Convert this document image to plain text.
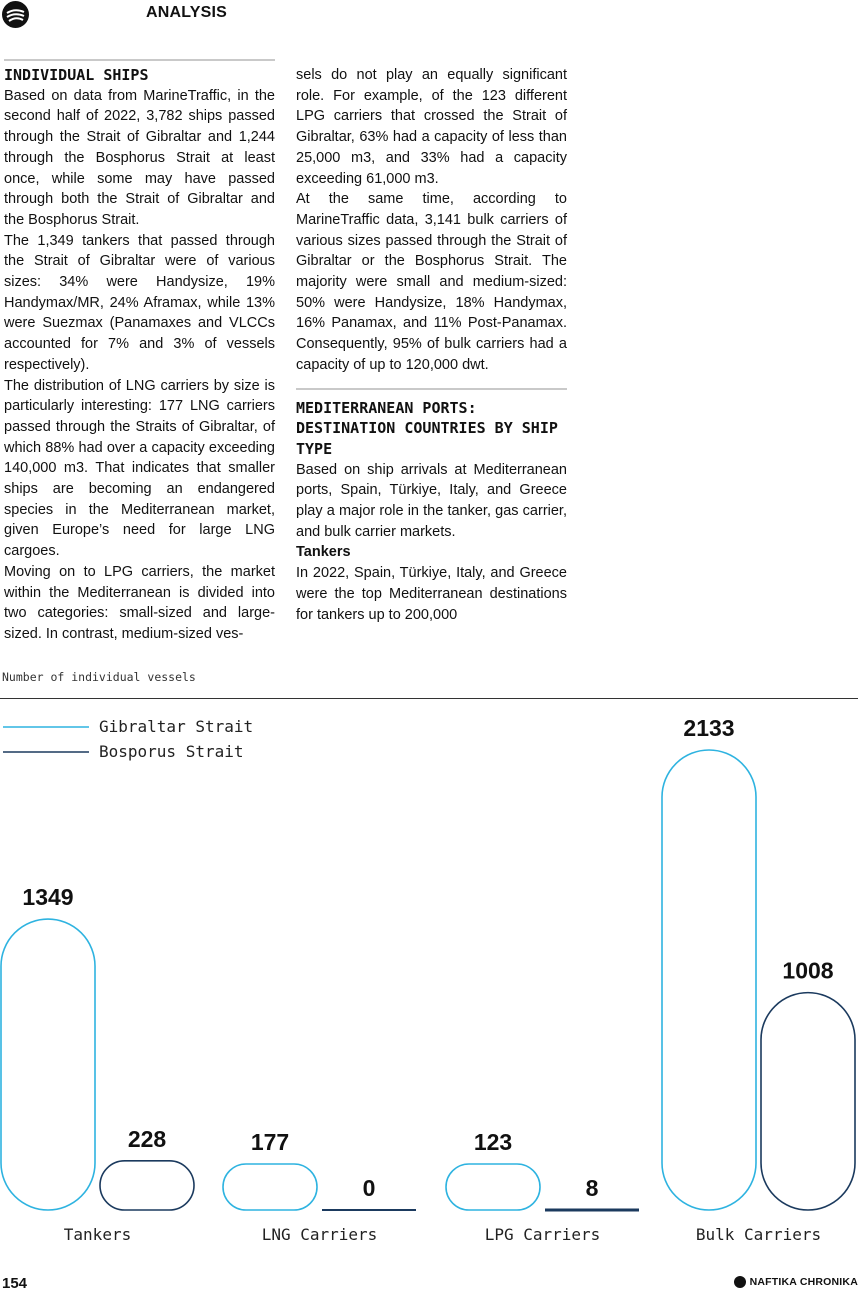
ANALYSIS
INDIVIDUAL SHIPS

Based on data from MarineTraffic, in the second half of 2022, 3,782 ships passed through the Strait of Gibraltar and 1,244 through the Bosphorus Strait at least once, while some may have passed through both the Strait of Gibraltar and the Bosphorus Strait.

The 1,349 tankers that passed through the Strait of Gibraltar were of various sizes: 34% were Handysize, 19% Handymax/MR, 24% Aframax, while 13% were Suezmax (Panamaxes and VLCCs accounted for 7% and 3% of vessels respectively).

The distribution of LNG carriers by size is particularly interesting: 177 LNG carriers passed through the Straits of Gibraltar, of which 88% had over a capacity exceeding 140,000 m3. That indicates that smaller ships are becoming an endangered species in the Mediterranean market, given Europe’s need for large LNG cargoes.

Moving on to LPG carriers, the market within the Mediterranean is divided into two categories: small-sized and large-sized. In contrast, medium-sized ves-

sels do not play an equally significant role. For example, of the 123 different LPG carriers that crossed the Strait of Gibraltar, 63% had a capacity of less than 25,000 m3, and 33% had a capacity exceeding 61,000 m3.

At the same time, according to MarineTraffic data, 3,141 bulk carriers of various sizes passed through the Strait of Gibraltar or the Bosphorus Strait. The majority were small and medium-sized: 50% were Handysize, 18% Handymax, 16% Panamax, and 11% Post-Panamax. Consequently, 95% of bulk carriers had a capacity of up to 120,000 dwt.

MEDITERRANEAN PORTS: DESTINATION COUNTRIES BY SHIP TYPE

Based on ship arrivals at Mediterranean ports, Spain, Türkiye, Italy, and Greece play a major role in the tanker, gas carrier, and bulk carrier markets.

Tankers

In 2022, Spain, Türkiye, Italy, and Greece were the top Mediterranean destinations for tankers up to 200,000

Number of individual vessels
Gibraltar Strait
Bosporus Strait
1349
228
Tankers
177
0
LNG Carriers
123
8
LPG Carriers
2133
1008
Bulk Carriers
154	NAFTIKA CHRONIKA
